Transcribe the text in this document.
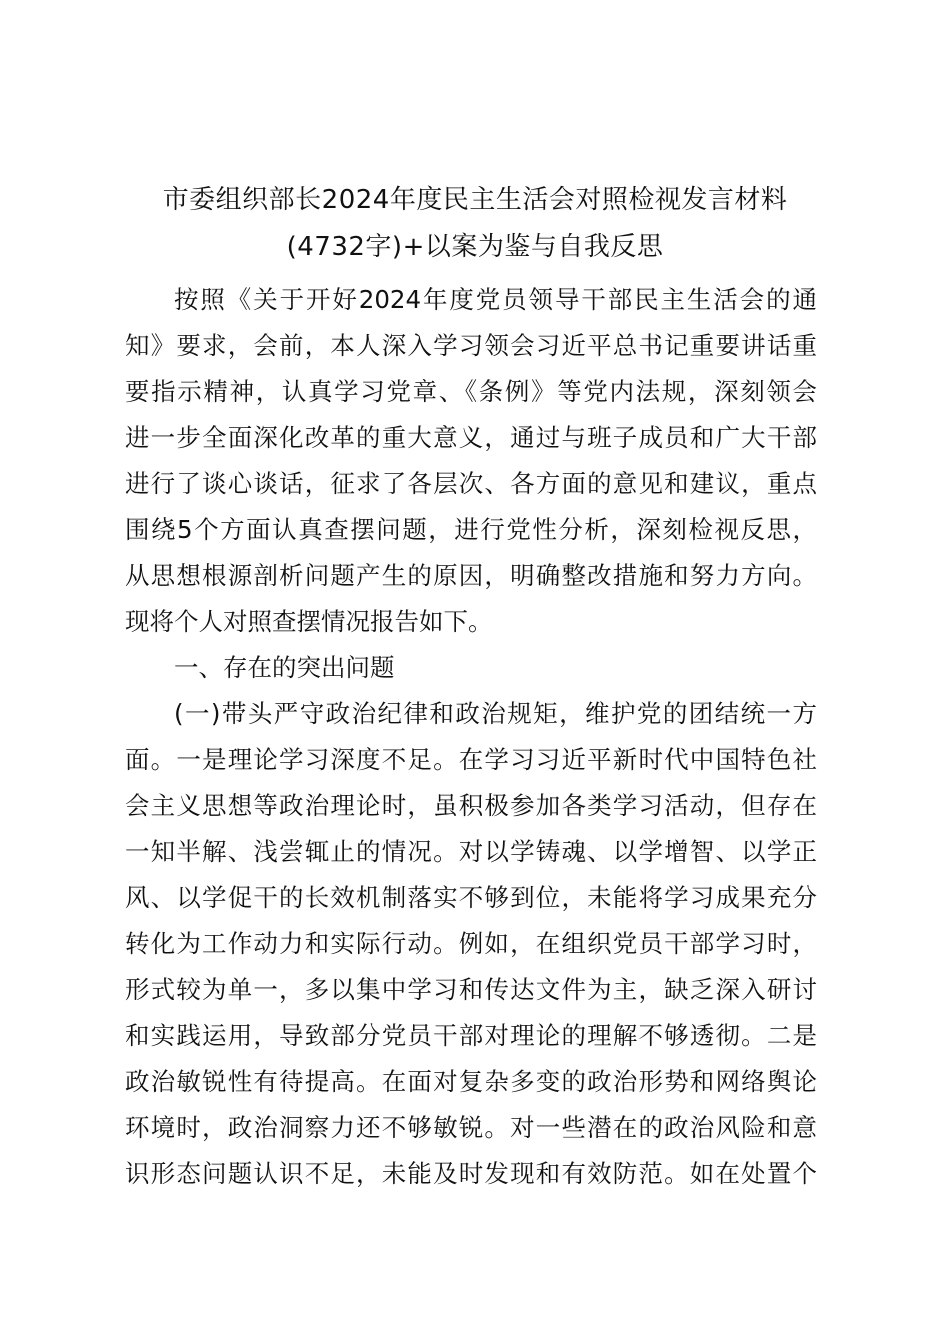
市委组织部长2024年度民主生活会对照检视发言材料
(4732字)+以案为鉴与自我反思
按照《关于开好2024年度党员领导干部民主生活会的通
知》要求，会前，本人深入学习领会习近平总书记重要讲话重
要指示精神，认真学习党章、《条例》等党内法规，深刻领会
进一步全面深化改革的重大意义，通过与班子成员和广大干部
进行了谈心谈话，征求了各层次、各方面的意见和建议，重点
围绕5个方面认真查摆问题，进行党性分析，深刻检视反思，
从思想根源剖析问题产生的原因，明确整改措施和努力方向。
现将个人对照查摆情况报告如下。
一、存在的突出问题
(一)带头严守政治纪律和政治规矩，维护党的团结统一方
面。一是理论学习深度不足。在学习习近平新时代中国特色社
会主义思想等政治理论时，虽积极参加各类学习活动，但存在
一知半解、浅尝辄止的情况。对以学铸魂、以学增智、以学正
风、以学促干的长效机制落实不够到位，未能将学习成果充分
转化为工作动力和实际行动。例如，在组织党员干部学习时，
形式较为单一，多以集中学习和传达文件为主，缺乏深入研讨
和实践运用，导致部分党员干部对理论的理解不够透彻。二是
政治敏锐性有待提高。在面对复杂多变的政治形势和网络舆论
环境时，政治洞察力还不够敏锐。对一些潜在的政治风险和意
识形态问题认识不足，未能及时发现和有效防范。如在处置个
